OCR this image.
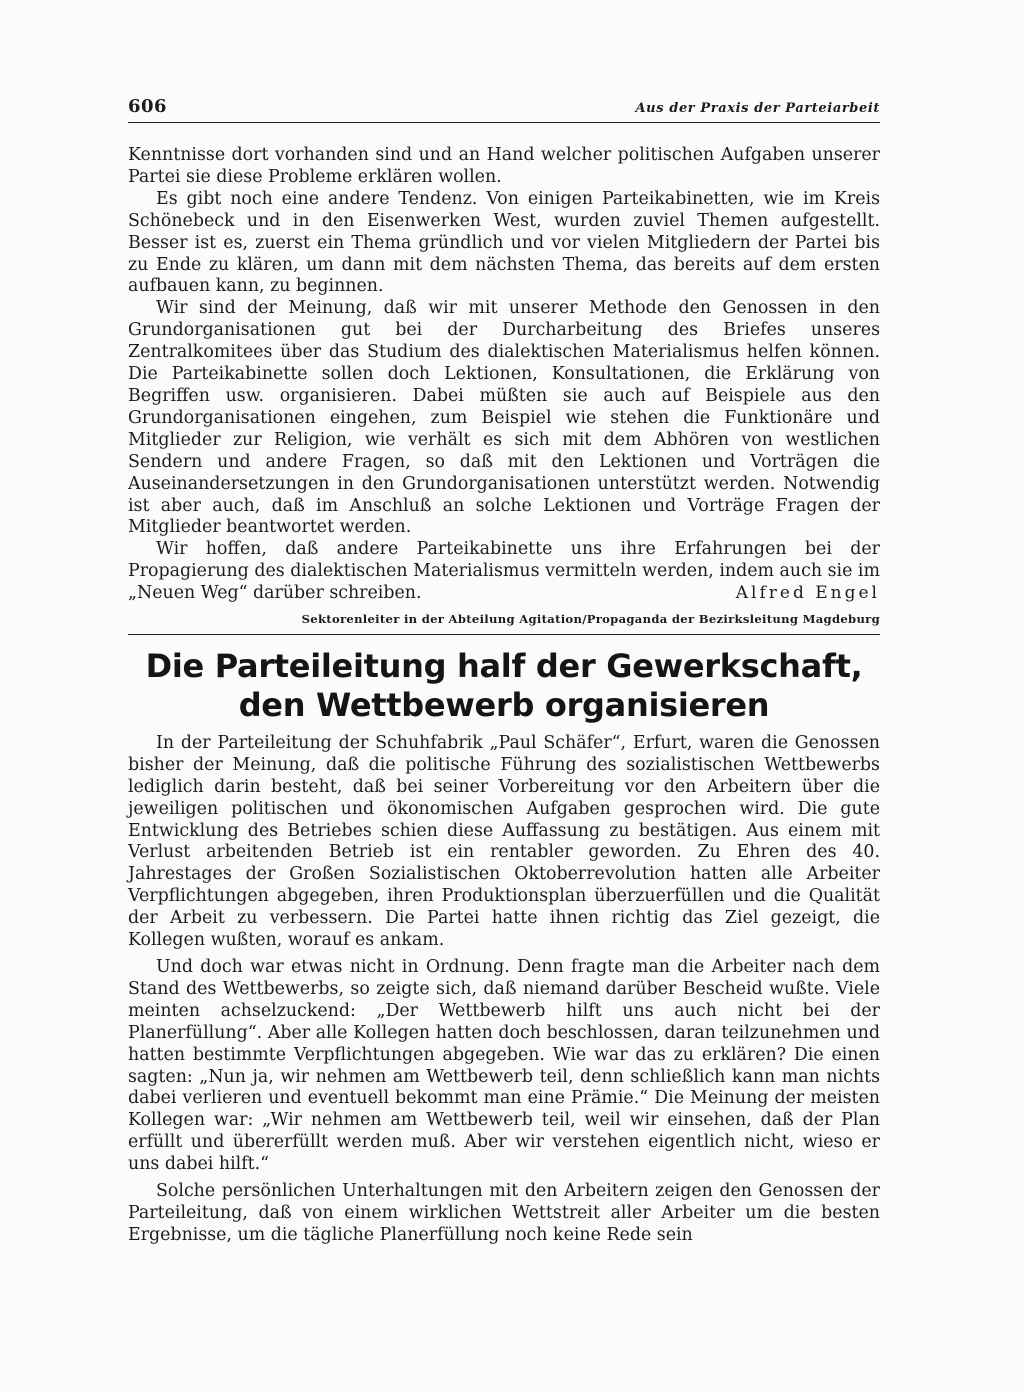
606	Aus der Praxis der Parteiarbeit

Kenntnisse dort vorhanden sind und an Hand welcher politischen Aufgaben unserer Partei sie diese Probleme erklären wollen.

Es gibt noch eine andere Tendenz. Von einigen Parteikabinetten, wie im Kreis Schönebeck und in den Eisenwerken West, wurden zuviel Themen aufgestellt. Besser ist es, zuerst ein Thema gründlich und vor vielen Mitgliedern der Partei bis zu Ende zu klären, um dann mit dem nächsten Thema, das bereits auf dem ersten aufbauen kann, zu beginnen.

Wir sind der Meinung, daß wir mit unserer Methode den Genossen in den Grundorganisationen gut bei der Durcharbeitung des Briefes unseres Zentralkomitees über das Studium des dialektischen Materialismus helfen können. Die Parteikabinette sollen doch Lektionen, Konsultationen, die Erklärung von Begriffen usw. organisieren. Dabei müßten sie auch auf Beispiele aus den Grundorganisationen eingehen, zum Beispiel wie stehen die Funktionäre und Mitglieder zur Religion, wie verhält es sich mit dem Abhören von westlichen Sendern und andere Fragen, so daß mit den Lektionen und Vorträgen die Auseinandersetzungen in den Grundorganisationen unterstützt werden. Notwendig ist aber auch, daß im Anschluß an solche Lektionen und Vorträge Fragen der Mitglieder beantwortet werden.

Wir hoffen, daß andere Parteikabinette uns ihre Erfahrungen bei der Propagierung des dialektischen Materialismus vermitteln werden, indem auch sie im „Neuen Weg“ darüber schreiben.	Alfred Engel

Sektorenleiter in der Abteilung Agitation/Propaganda der Bezirksleitung Magdeburg
Die Parteileitung half der Gewerkschaft,
den Wettbewerb organisieren

In der Parteileitung der Schuhfabrik „Paul Schäfer“, Erfurt, waren die Genossen bisher der Meinung, daß die politische Führung des sozialistischen Wettbewerbs lediglich darin besteht, daß bei seiner Vorbereitung vor den Arbeitern über die jeweiligen politischen und ökonomischen Aufgaben gesprochen wird. Die gute Entwicklung des Betriebes schien diese Auffassung zu bestätigen. Aus einem mit Verlust arbeitenden Betrieb ist ein rentabler geworden. Zu Ehren des 40. Jahrestages der Großen Sozialistischen Oktoberrevolution hatten alle Arbeiter Verpflichtungen abgegeben, ihren Produktionsplan überzuerfüllen und die Qualität der Arbeit zu verbessern. Die Partei hatte ihnen richtig das Ziel gezeigt, die Kollegen wußten, worauf es ankam.

Und doch war etwas nicht in Ordnung. Denn fragte man die Arbeiter nach dem Stand des Wettbewerbs, so zeigte sich, daß niemand darüber Bescheid wußte. Viele meinten achselzuckend: „Der Wettbewerb hilft uns auch nicht bei der Planerfüllung“. Aber alle Kollegen hatten doch beschlossen, daran teilzunehmen und hatten bestimmte Verpflichtungen abgegeben. Wie war das zu erklären? Die einen sagten: „Nun ja, wir nehmen am Wettbewerb teil, denn schließlich kann man nichts dabei verlieren und eventuell bekommt man eine Prämie.“ Die Meinung der meisten Kollegen war: „Wir nehmen am Wettbewerb teil, weil wir einsehen, daß der Plan erfüllt und übererfüllt werden muß. Aber wir verstehen eigentlich nicht, wieso er uns dabei hilft.“

Solche persönlichen Unterhaltungen mit den Arbeitern zeigen den Genossen der Parteileitung, daß von einem wirklichen Wettstreit aller Arbeiter um die besten Ergebnisse, um die tägliche Planerfüllung noch keine Rede sein
